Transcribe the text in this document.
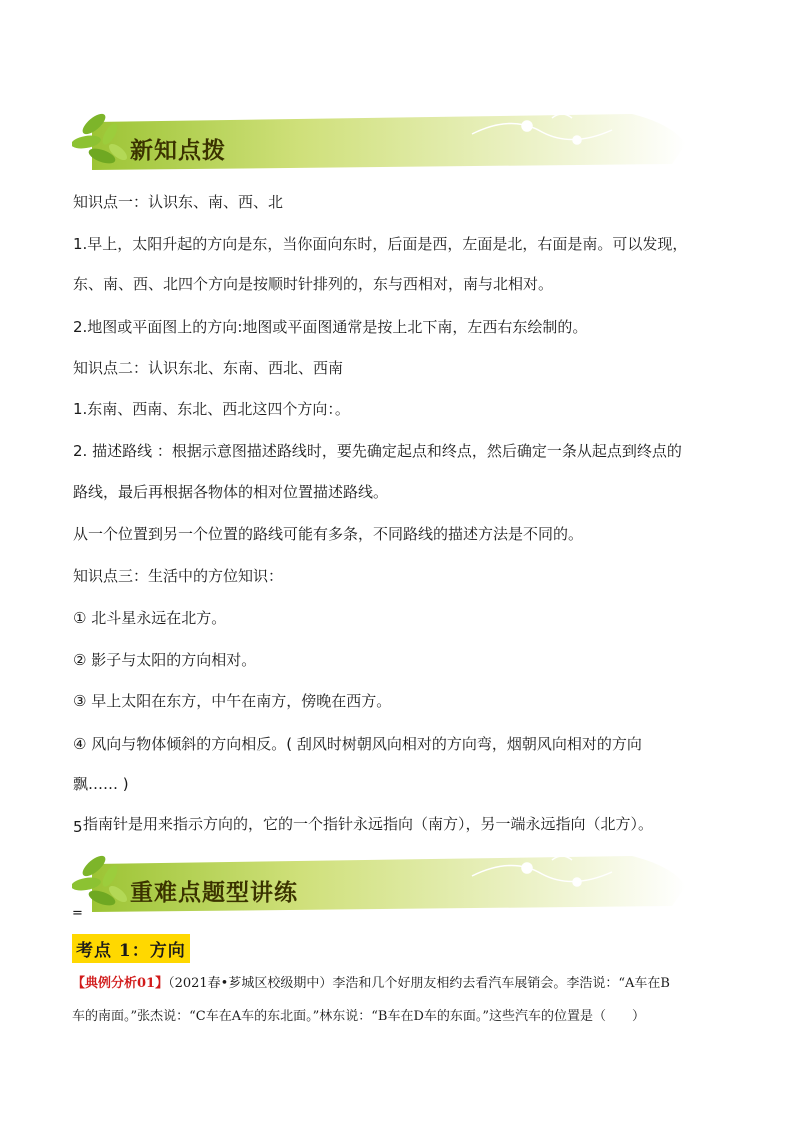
新知点拨
知识点一：认识东、南、西、北
1.早上，太阳升起的方向是东，当你面向东时，后面是西，左面是北，右面是南。可以发现，
东、南、西、北四个方向是按顺时针排列的，东与西相对，南与北相对。
2.地图或平面图上的方向:地图或平面图通常是按上北下南，左西右东绘制的。
知识点二：认识东北、东南、西北、西南
1.东南、西南、东北、西北这四个方向：。
2. 描述路线 ：根据示意图描述路线时，要先确定起点和终点，然后确定一条从起点到终点的
路线，最后再根据各物体的相对位置描述路线。
从一个位置到另一个位置的路线可能有多条，不同路线的描述方法是不同的。
知识点三：生活中的方位知识：
① 北斗星永远在北方。
② 影子与太阳的方向相对。
③ 早上太阳在东方，中午在南方，傍晚在西方。
④ 风向与物体倾斜的方向相反。( 刮风时树朝风向相对的方向弯，烟朝风向相对的方向
飘…… )
5 指南针是用来指示方向的，它的一个指针永远指向（南方），另一端永远指向（北方）。
重难点题型讲练
=
考点 1：方向
【典例分析01】（2021春•芗城区校级期中）李浩和几个好朋友相约去看汽车展销会。李浩说：“A车在B
车的南面。”张杰说：“C车在A车的东北面。”林东说：“B车在D车的东面。”这些汽车的位置是（　　）
